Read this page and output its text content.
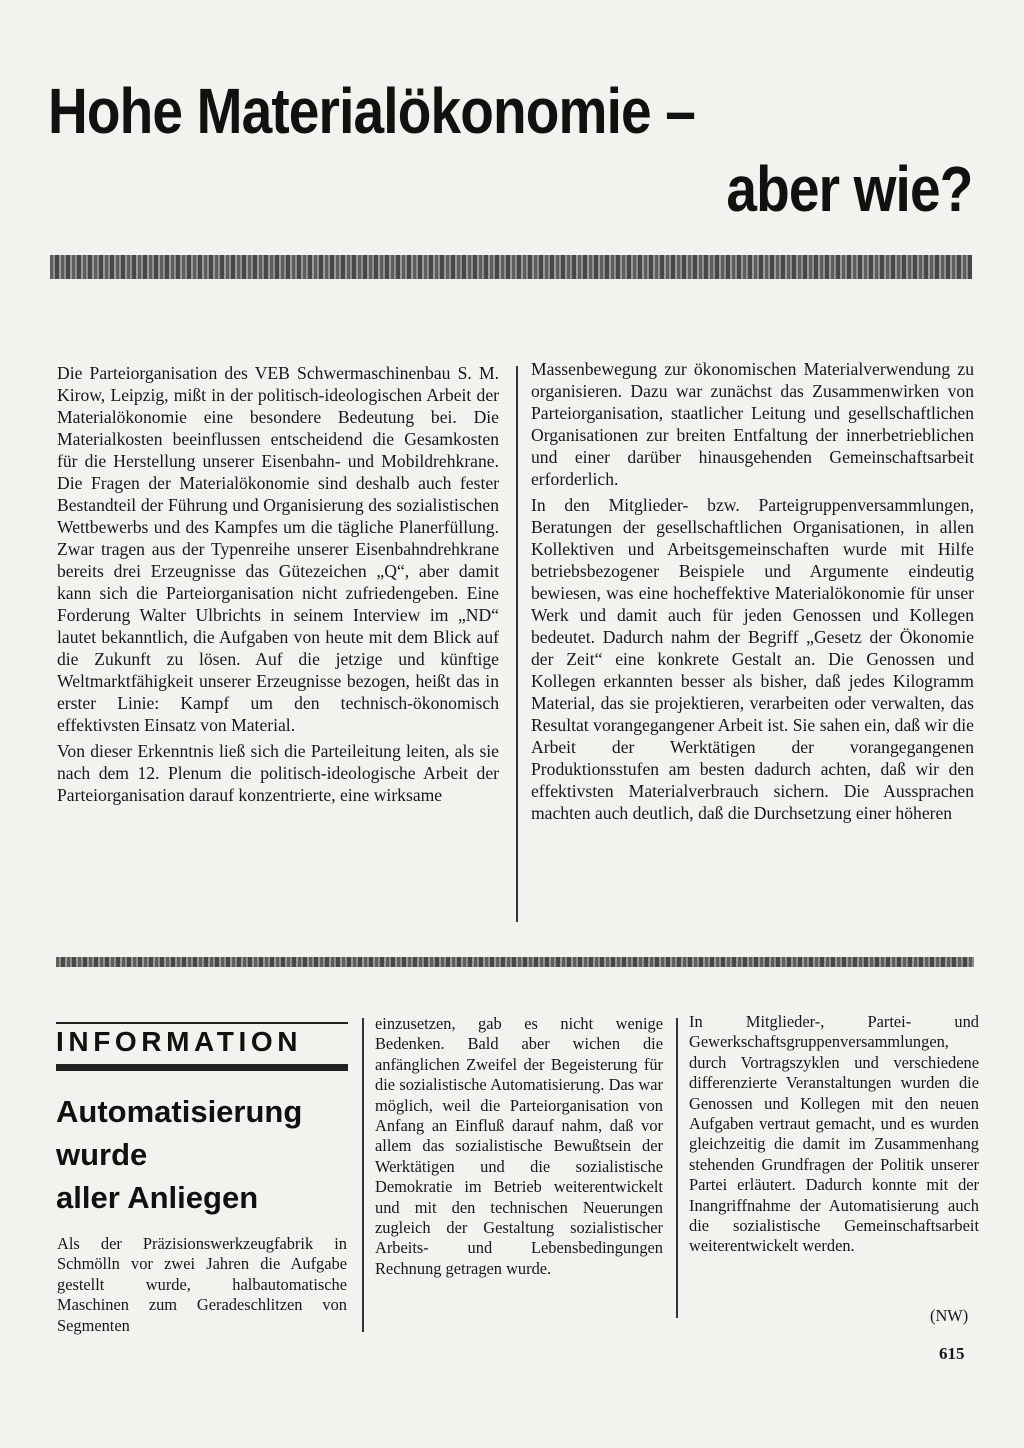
Hohe Materialökonomie –
aber wie?

Die Parteiorganisation des VEB Schwermaschinenbau S. M. Kirow, Leipzig, mißt in der politisch-ideologischen Arbeit der Materialökonomie eine besondere Bedeutung bei. Die Materialkosten beeinflussen entscheidend die Gesamkosten für die Herstellung unserer Eisenbahn- und Mobildrehkrane. Die Fragen der Materialökonomie sind deshalb auch fester Bestandteil der Führung und Organisierung des sozialistischen Wettbewerbs und des Kampfes um die tägliche Planerfüllung. Zwar tragen aus der Typenreihe unserer Eisenbahndrehkrane bereits drei Erzeugnisse das Gütezeichen „Q“, aber damit kann sich die Parteiorganisation nicht zufriedengeben. Eine Forderung Walter Ulbrichts in seinem Interview im „ND“ lautet bekanntlich, die Aufgaben von heute mit dem Blick auf die Zukunft zu lösen. Auf die jetzige und künftige Weltmarktfähigkeit unserer Erzeugnisse bezogen, heißt das in erster Linie: Kampf um den technisch-ökonomisch effektivsten Einsatz von Material.

Von dieser Erkenntnis ließ sich die Parteileitung leiten, als sie nach dem 12. Plenum die politisch-ideologische Arbeit der Parteiorganisation darauf konzentrierte, eine wirksame

Massenbewegung zur ökonomischen Materialverwendung zu organisieren. Dazu war zunächst das Zusammenwirken von Parteiorganisation, staatlicher Leitung und gesellschaftlichen Organisationen zur breiten Entfaltung der innerbetrieblichen und einer darüber hinausgehenden Gemeinschaftsarbeit erforderlich.

In den Mitglieder- bzw. Parteigruppenversammlungen, Beratungen der gesellschaftlichen Organisationen, in allen Kollektiven und Arbeitsgemeinschaften wurde mit Hilfe betriebsbezogener Beispiele und Argumente eindeutig bewiesen, was eine hocheffektive Materialökonomie für unser Werk und damit auch für jeden Genossen und Kollegen bedeutet. Dadurch nahm der Begriff „Gesetz der Ökonomie der Zeit“ eine konkrete Gestalt an. Die Genossen und Kollegen erkannten besser als bisher, daß jedes Kilogramm Material, das sie projektieren, verarbeiten oder verwalten, das Resultat vorangegangener Arbeit ist. Sie sahen ein, daß wir die Arbeit der Werktätigen der vorangegangenen Produktionsstufen am besten dadurch achten, daß wir den effektivsten Materialverbrauch sichern. Die Aussprachen machten auch deutlich, daß die Durchsetzung einer höheren

INFORMATION
Automatisierung
wurde
aller Anliegen

Als der Präzisionswerkzeugfabrik in Schmölln vor zwei Jahren die Aufgabe gestellt wurde, halbautomatische Maschinen zum Geradeschlitzen von Segmenten

einzusetzen, gab es nicht wenige Bedenken. Bald aber wichen die anfänglichen Zweifel der Begeisterung für die sozialistische Automatisierung. Das war möglich, weil die Parteiorganisation von Anfang an Einfluß darauf nahm, daß vor allem das sozialistische Bewußtsein der Werktätigen und die sozialistische Demokratie im Betrieb weiterentwickelt und mit den technischen Neuerungen zugleich der Gestaltung sozialistischer Arbeits- und Lebensbedingungen Rechnung getragen wurde.

In Mitglieder-, Partei- und Gewerkschaftsgruppenversammlungen, durch Vortragszyklen und verschiedene differenzierte Veranstaltungen wurden die Genossen und Kollegen mit den neuen Aufgaben vertraut gemacht, und es wurden gleichzeitig die damit im Zusammenhang stehenden Grundfragen der Politik unserer Partei erläutert. Dadurch konnte mit der Inangriffnahme der Automatisierung auch die sozialistische Gemeinschaftsarbeit weiterentwickelt werden.

(NW)
615
